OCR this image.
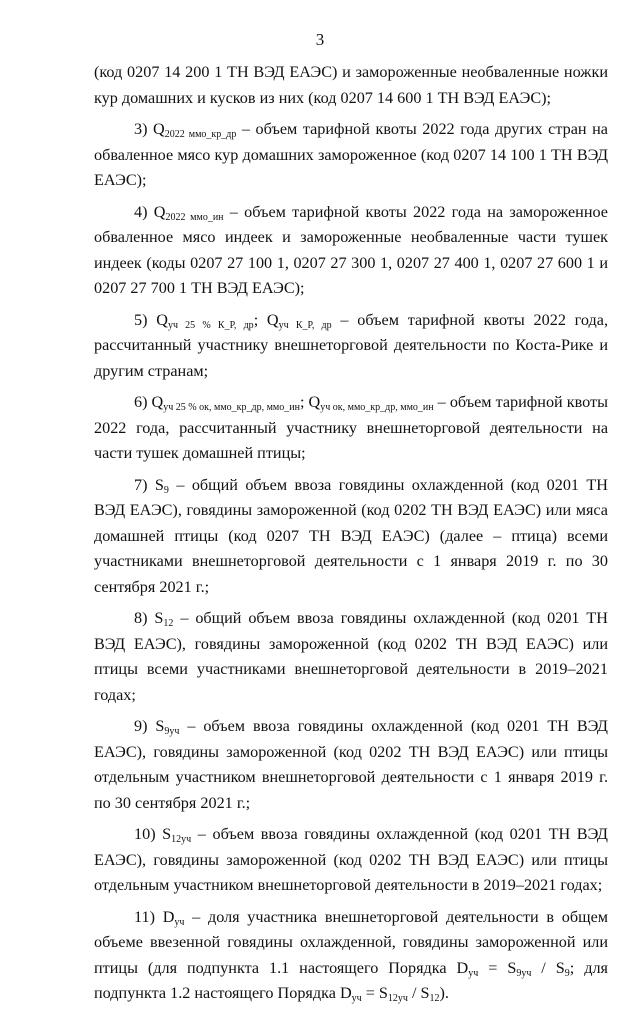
3

(код 0207 14 200 1 ТН ВЭД ЕАЭС) и замороженные необваленные ножки кур домашних и кусков из них (код 0207 14 600 1 ТН ВЭД ЕАЭС);

3) $Q_{2022 ммо\_кр\_др}$ – объем тарифной квоты 2022 года других стран на обваленное мясо кур домашних замороженное (код 0207 14 100 1 ТН ВЭД ЕАЭС);

4) $Q_{2022 ммо\_ин}$ – объем тарифной квоты 2022 года на замороженное обваленное мясо индеек и замороженные необваленные части тушек индеек (коды 0207 27 100 1, 0207 27 300 1, 0207 27 400 1, 0207 27 600 1 и 0207 27 700 1 ТН ВЭД ЕАЭС);

5) $Q_{уч 25 \% К\_Р, др}$; $Q_{уч К\_Р, др}$ – объем тарифной квоты 2022 года, рассчитанный участнику внешнеторговой деятельности по Коста-Рике и другим странам;

6) $Q_{уч 25 \% ок, ммо\_кр\_др, ммо\_ин}$; $Q_{уч ок, ммо\_кр\_др, ммо\_ин}$ – объем тарифной квоты 2022 года, рассчитанный участнику внешнеторговой деятельности на части тушек домашней птицы;

7) $S_9$ – общий объем ввоза говядины охлажденной (код 0201 ТН ВЭД ЕАЭС), говядины замороженной (код 0202 ТН ВЭД ЕАЭС) или мяса домашней птицы (код 0207 ТН ВЭД ЕАЭС) (далее – птица) всеми участниками внешнеторговой деятельности с 1 января 2019 г. по 30 сентября 2021 г.;

8) $S_{12}$ – общий объем ввоза говядины охлажденной (код 0201 ТН ВЭД ЕАЭС), говядины замороженной (код 0202 ТН ВЭД ЕАЭС) или птицы всеми участниками внешнеторговой деятельности в 2019–2021 годах;

9) $S_{9уч}$ – объем ввоза говядины охлажденной (код 0201 ТН ВЭД ЕАЭС), говядины замороженной (код 0202 ТН ВЭД ЕАЭС) или птицы отдельным участником внешнеторговой деятельности с 1 января 2019 г. по 30 сентября 2021 г.;

10) $S_{12уч}$ – объем ввоза говядины охлажденной (код 0201 ТН ВЭД ЕАЭС), говядины замороженной (код 0202 ТН ВЭД ЕАЭС) или птицы отдельным участником внешнеторговой деятельности в 2019–2021 годах;

11) $D_{уч}$ – доля участника внешнеторговой деятельности в общем объеме ввезенной говядины охлажденной, говядины замороженной или птицы (для подпункта 1.1 настоящего Порядка $D_{уч} = S_{9уч} / S_9$; для подпункта 1.2 настоящего Порядка $D_{уч} = S_{12уч} / S_{12}$).
